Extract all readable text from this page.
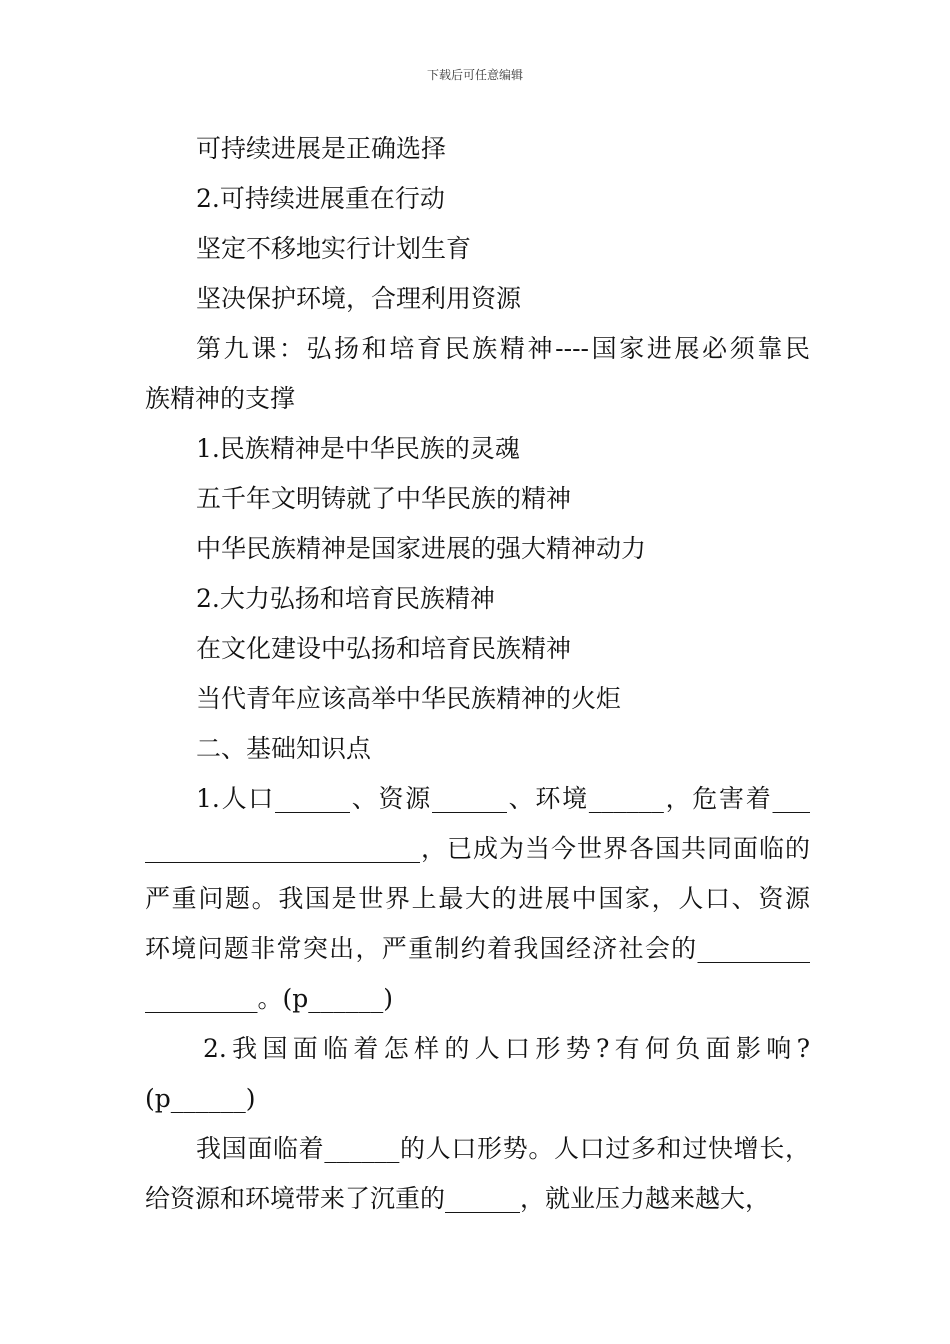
下载后可任意编辑
可持续进展是正确选择
2.可持续进展重在行动
坚定不移地实行计划生育
坚决保护环境，合理利用资源
第九课：弘扬和培育民族精神----国家进展必须靠民
族精神的支撑
1.民族精神是中华民族的灵魂
五千年文明铸就了中华民族的精神
中华民族精神是国家进展的强大精神动力
2.大力弘扬和培育民族精神
在文化建设中弘扬和培育民族精神
当代青年应该高举中华民族精神的火炬
二、基础知识点
1.人口______、资源______、环境______，危害着___
______________________，已成为当今世界各国共同面临的
严重问题。我国是世界上最大的进展中国家，人口、资源
环境问题非常突出，严重制约着我国经济社会的_________
_________。(p______)
2.我国面临着怎样的人口形势?有何负面影响?
(p______)
我国面临着______的人口形势。人口过多和过快增长，
给资源和环境带来了沉重的______，就业压力越来越大，
